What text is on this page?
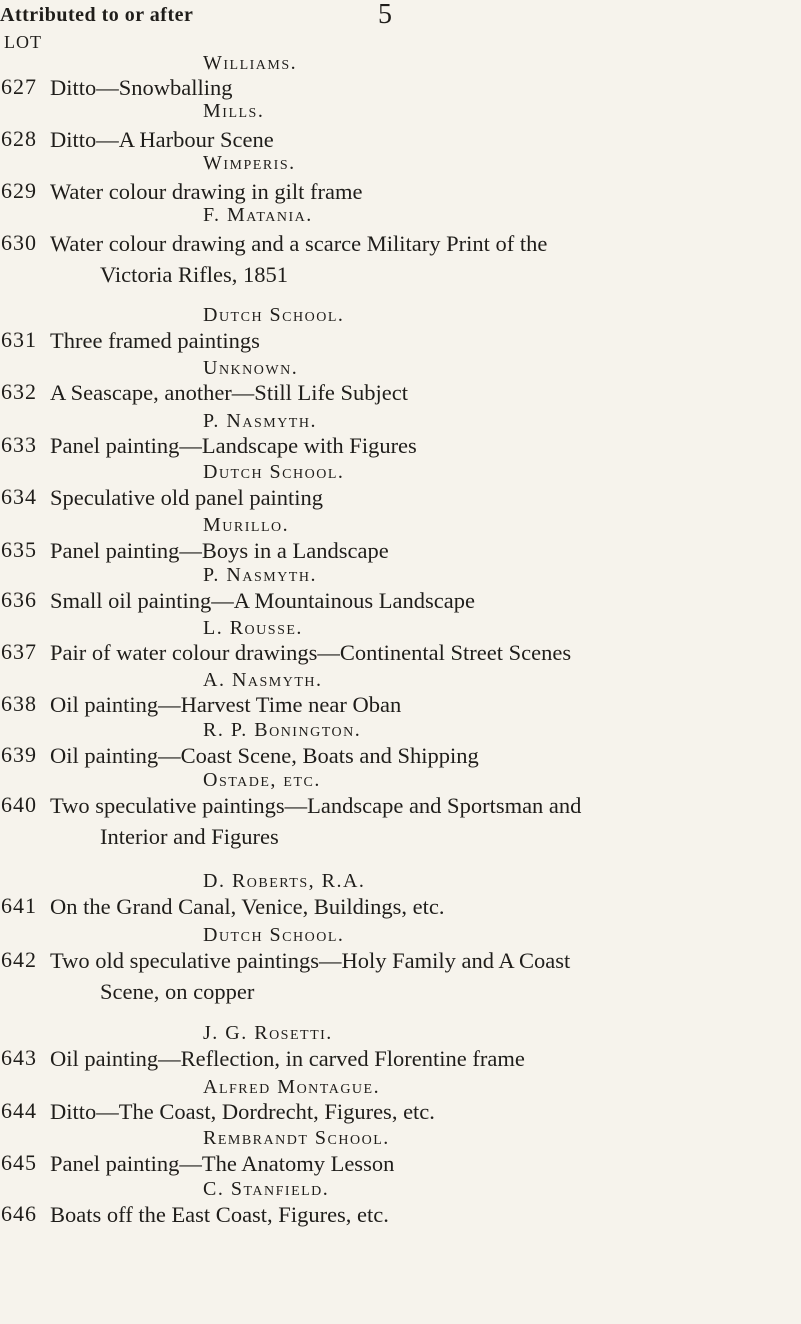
5
Attributed to or after
LOT
Williams.
627 Ditto—Snowballing
Mills.
628 Ditto—A Harbour Scene
Wimperis.
629 Water colour drawing in gilt frame
F. Matania.
630 Water colour drawing and a scarce Military Print of the
Victoria Rifles, 1851
Dutch School.
631 Three framed paintings
Unknown.
632 A Seascape, another—Still Life Subject
P. Nasmyth.
633 Panel painting—Landscape with Figures
Dutch School.
634 Speculative old panel painting
Murillo.
635 Panel painting—Boys in a Landscape
P. Nasmyth.
636 Small oil painting—A Mountainous Landscape
L. Rousse.
637 Pair of water colour drawings—Continental Street Scenes
A. Nasmyth.
638 Oil painting—Harvest Time near Oban
R. P. Bonington.
639 Oil painting—Coast Scene, Boats and Shipping
Ostade, etc.
640 Two speculative paintings—Landscape and Sportsman and
Interior and Figures
D. Roberts, R.A.
641 On the Grand Canal, Venice, Buildings, etc.
Dutch School.
642 Two old speculative paintings—Holy Family and A Coast
Scene, on copper
J. G. Rosetti.
643 Oil painting—Reflection, in carved Florentine frame
Alfred Montague.
644 Ditto—The Coast, Dordrecht, Figures, etc.
Rembrandt School.
645 Panel painting—The Anatomy Lesson
C. Stanfield.
646 Boats off the East Coast, Figures, etc.
